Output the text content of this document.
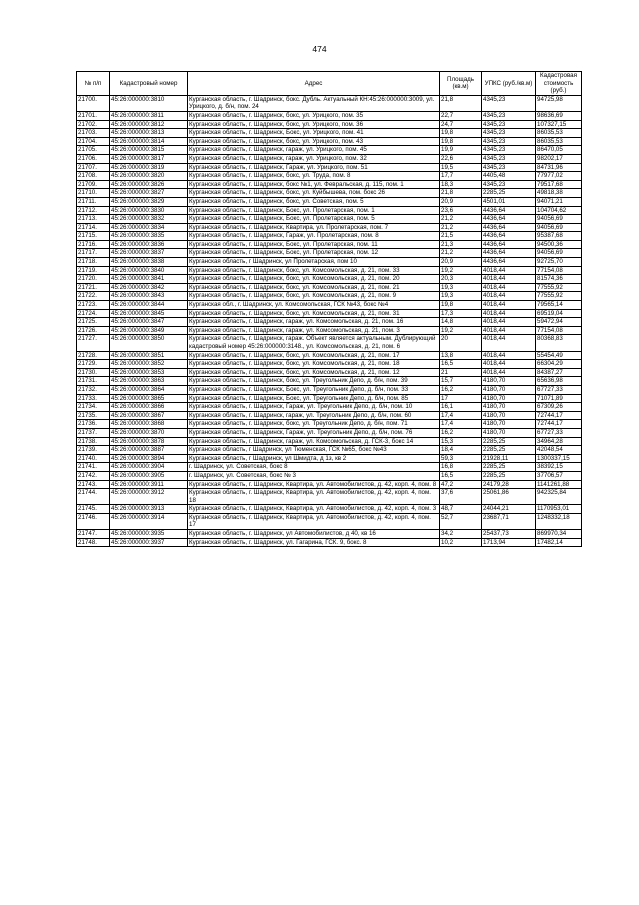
474
№ п/п	Кадастровый номер	Адрес	Площадь (кв.м)	УПКС (руб./кв.м)	Кадастровая стоимость (руб.)
21700.	45:26:000000:3810	Курганская область, г. Шадринск, бокс. Дубль. Актуальный КН:45:26:000000:3009, ул. Урицкого, д. б/н, пом. 24	21,8	4345,23	94725,98
21701.	45:26:000000:3811	Курганская область, г. Шадринск, бокс, ул. Урицкого, пом. 35	22,7	4345,23	98636,69
21702.	45:26:000000:3812	Курганская область, г. Шадринск, бокс, ул. Урицкого, пом. 36	24,7	4345,23	107327,15
21703.	45:26:000000:3813	Курганская область, г. Шадринск, Бокс, ул. Урицкого, пом. 41	19,8	4345,23	86035,53
21704.	45:26:000000:3814	Курганская область, г. Шадринск, бокс, ул. Урицкого, пом. 43	19,8	4345,23	86035,53
21705.	45:26:000000:3815	Курганская область, г. Шадринск, гараж, ул. Урицкого, пом. 45	19,9	4345,23	86470,05
21706.	45:26:000000:3817	Курганская область, г. Шадринск, гараж, ул. Урицкого, пом. 32	22,6	4345,23	98202,17
21707.	45:26:000000:3819	Курганская область, г. Шадринск, Гараж, ул. Урицкого, пом. 51	19,5	4345,23	84731,96
21708.	45:26:000000:3820	Курганская область, г. Шадринск, бокс, ул. Труда, пом. 8	17,7	4405,48	77977,02
21709.	45:26:000000:3826	Курганская область, г. Шадринск, бокс №1, ул. Февральская, д. 115, пом. 1	18,3	4345,23	79517,68
21710.	45:26:000000:3827	Курганская область, г. Шадринск, бокс, ул. Куйбышева, пом. бокс 26	21,8	2285,25	49818,38
21711.	45:26:000000:3829	Курганская область, г. Шадринск, бокс, ул. Советская, пом. 5	20,9	4501,01	94071,21
21712.	45:26:000000:3830	Курганская область, г. Шадринск, Бокс, ул. Пролетарская, пом. 1	23,6	4436,64	104704,62
21713.	45:26:000000:3832	Курганская область, г. Шадринск, Бокс, ул. Пролетарская, пом. 5	21,2	4436,64	94056,69
21714.	45:26:000000:3834	Курганская область, г. Шадринск, Квартира, ул. Пролетарская, пом. 7	21,2	4436,64	94056,69
21715.	45:26:000000:3835	Курганская область, г. Шадринск, Гараж, ул. Пролетарская, пом. 8	21,5	4436,64	95387,68
21716.	45:26:000000:3836	Курганская область, г. Шадринск, Бокс, ул. Пролетарская, пом. 11	21,3	4436,64	94500,36
21717.	45:26:000000:3837	Курганская область, г. Шадринск, Бокс, ул. Пролетарская, пом. 12	21,2	4436,64	94056,69
21718.	45:26:000000:3838	Курганская область, г Шадринск, ул Пролетарская, пом 10	20,9	4436,64	92725,70
21719.	45:26:000000:3840	Курганская область, г. Шадринск, бокс, ул. Комсомольская, д. 21, пом. 33	19,2	4018,44	77154,08
21720.	45:26:000000:3841	Курганская область, г. Шадринск, бокс, ул. Комсомольская, д. 21, пом. 20	20,3	4018,44	81574,36
21721.	45:26:000000:3842	Курганская область, г. Шадринск, бокс, ул. Комсомольская, д. 21, пом. 21	19,3	4018,44	77555,92
21722.	45:26:000000:3843	Курганская область, г. Шадринск, бокс, ул. Комсомольская, д. 21, пом. 9	19,3	4018,44	77555,92
21723.	45:26:000000:3844	Курганская обл., г. Шадринск, ул. Комсомольская, ГСК №43, бокс №4	19,8	4018,44	79565,14
21724.	45:26:000000:3845	Курганская область, г. Шадринск, бокс, ул. Комсомольская, д. 21, пом. 31	17,3	4018,44	69519,04
21725.	45:26:000000:3847	Курганская область, г. Шадринск, гараж, ул. Комсомольская, д. 21, пом. 16	14,8	4018,44	59472,94
21726.	45:26:000000:3849	Курганская область, г. Шадринск, гараж, ул. Комсомольская, д. 21, пом. 3	19,2	4018,44	77154,08
21727.	45:26:000000:3850	Курганская область, г. Шадринск, гараж. Объект является актуальным. Дублирующий кадастровый номер 45:26:000000:3148., ул. Комсомольская, д. 21, пом. 6	20	4018,44	80368,83
21728.	45:26:000000:3851	Курганская область, г. Шадринск, бокс, ул. Комсомольская, д. 21, пом. 17	13,8	4018,44	55454,49
21729.	45:26:000000:3852	Курганская область, г. Шадринск, бокс, ул. Комсомольская, д. 21, пом. 18	16,5	4018,44	66304,29
21730.	45:26:000000:3853	Курганская область, г. Шадринск, бокс, ул. Комсомольская, д. 21, пом. 12	21	4018,44	84387,27
21731.	45:26:000000:3863	Курганская область, г. Шадринск, бокс, ул. Треугольник Депо, д. б/н, пом. 39	15,7	4180,70	65636,98
21732.	45:26:000000:3864	Курганская область, г. Шадринск, Бокс, ул. Треугольник Депо, д. б/н, пом. 33	16,2	4180,70	67727,33
21733.	45:26:000000:3865	Курганская область, г. Шадринск, Бокс, ул. Треугольник Депо, д. б/н, пом. 85	17	4180,70	71071,89
21734.	45:26:000000:3866	Курганская область, г. Шадринск, Гараж, ул. Треугольник Депо, д. б/н, пом. 10	16,1	4180,70	67309,26
21735.	45:26:000000:3867	Курганская область, г. Шадринск, гараж, ул. Треугольник Депо, д. б/н, пом. 60	17,4	4180,70	72744,17
21736.	45:26:000000:3868	Курганская область, г. Шадринск, бокс, ул. Треугольник Депо, д. б/н, пом. 71	17,4	4180,70	72744,17
21737.	45:26:000000:3870	Курганская область, г. Шадринск, Гараж, ул. Треугольник Депо, д. б/н, пом. 76	16,2	4180,70	67727,33
21738.	45:26:000000:3878	Курганская область, г. Шадринск, гараж, ул. Комсомольская, д. ГСК-3, бокс 14	15,3	2285,25	34964,28
21739.	45:26:000000:3887	Курганская область, г Шадринск, ул Тюменская, ГСК №65, бокс №43	18,4	2285,25	42048,54
21740.	45:26:000000:3894	Курганская область, г Шадринск, ул Шмидта, д 1з, кв 2	59,3	21928,11	1300337,15
21741.	45:26:000000:3904	г. Шадринск, ул. Советская, бокс 8	16,8	2285,25	38392,15
21742.	45:26:000000:3905	г. Шадринск, ул. Советская, бокс № 3	16,5	2285,25	37706,57
21743.	45:26:000000:3911	Курганская область, г. Шадринск, Квартира, ул. Автомобилистов, д. 42, корп. 4, пом. 8	47,2	24179,28	1141261,88
21744.	45:26:000000:3912	Курганская область, г. Шадринск, Квартира, ул. Автомобилистов, д. 42, корп. 4, пом. 18	37,6	25061,86	942325,84
21745.	45:26:000000:3913	Курганская область, г. Шадринск, Квартира, ул. Автомобилистов, д. 42, корп. 4, пом. 3	48,7	24044,21	1170953,01
21746.	45:26:000000:3914	Курганская область, г. Шадринск, Квартира, ул. Автомобилистов, д. 42, корп. 4, пом. 17	52,7	23687,71	1248332,18
21747.	45:26:000000:3935	Курганская область, г. Шадринск, ул Автомобилистов, д 40, кв 16	34,2	25437,73	869970,34
21748.	45:26:000000:3937	Курганская область, г. Шадринск, ул. Гагарина, ГСК. 9, бокс. 8	10,2	1713,94	17482,14
